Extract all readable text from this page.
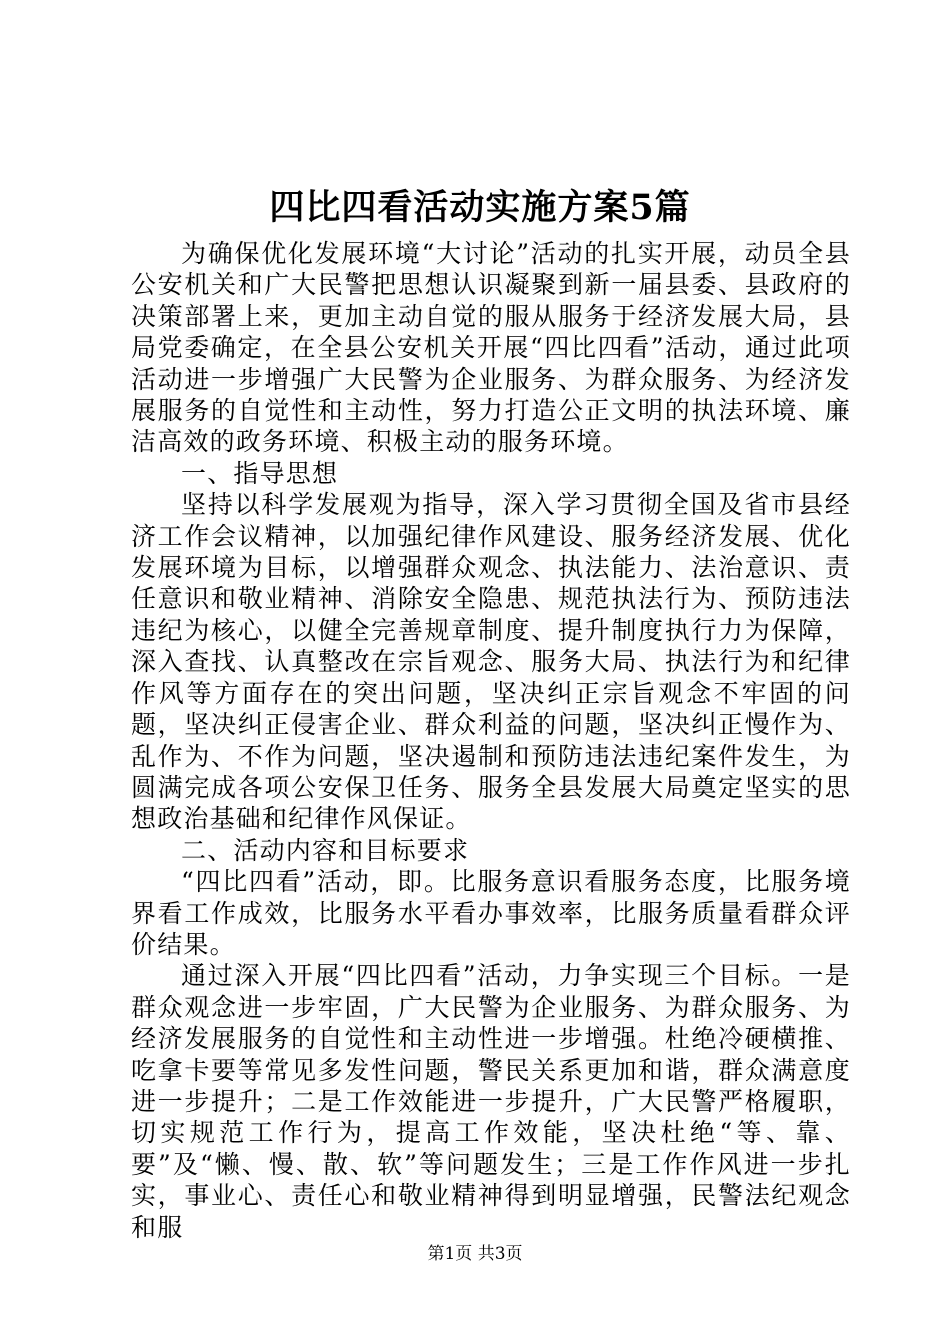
四比四看活动实施方案5篇

为确保优化发展环境“大讨论”活动的扎实开展，动员全县公安机关和广大民警把思想认识凝聚到新一届县委、县政府的决策部署上来，更加主动自觉的服从服务于经济发展大局，县局党委确定，在全县公安机关开展“四比四看”活动，通过此项活动进一步增强广大民警为企业服务、为群众服务、为经济发展服务的自觉性和主动性，努力打造公正文明的执法环境、廉洁高效的政务环境、积极主动的服务环境。

一、指导思想

坚持以科学发展观为指导，深入学习贯彻全国及省市县经济工作会议精神，以加强纪律作风建设、服务经济发展、优化发展环境为目标，以增强群众观念、执法能力、法治意识、责任意识和敬业精神、消除安全隐患、规范执法行为、预防违法违纪为核心，以健全完善规章制度、提升制度执行力为保障，深入查找、认真整改在宗旨观念、服务大局、执法行为和纪律作风等方面存在的突出问题，坚决纠正宗旨观念不牢固的问题，坚决纠正侵害企业、群众利益的问题，坚决纠正慢作为、乱作为、不作为问题，坚决遏制和预防违法违纪案件发生，为圆满完成各项公安保卫任务、服务全县发展大局奠定坚实的思想政治基础和纪律作风保证。

二、活动内容和目标要求

“四比四看”活动，即。比服务意识看服务态度，比服务境界看工作成效，比服务水平看办事效率，比服务质量看群众评价结果。

通过深入开展“四比四看”活动，力争实现三个目标。一是群众观念进一步牢固，广大民警为企业服务、为群众服务、为经济发展服务的自觉性和主动性进一步增强。杜绝冷硬横推、吃拿卡要等常见多发性问题，警民关系更加和谐，群众满意度进一步提升；二是工作效能进一步提升，广大民警严格履职，切实规范工作行为，提高工作效能，坚决杜绝“等、靠、要”及“懒、慢、散、软”等问题发生；三是工作作风进一步扎实，事业心、责任心和敬业精神得到明显增强，民警法纪观念和服

第1页 共3页
